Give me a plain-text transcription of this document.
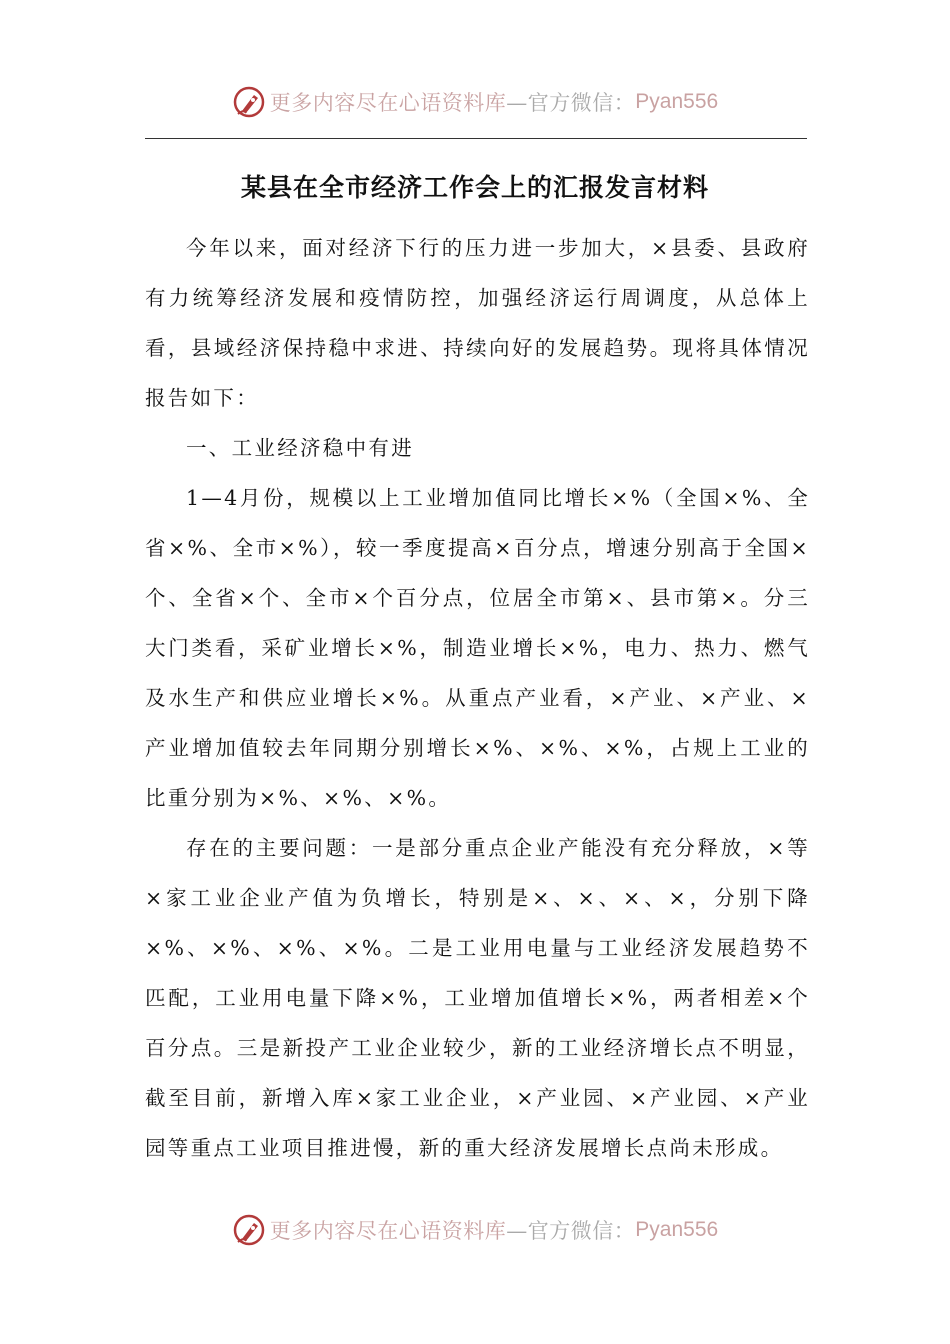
更多内容尽在心语资料库 —官方微信： Pyan556
某县在全市经济工作会上的汇报发言材料

今年以来，面对经济下行的压力进一步加大，×县委、县政府有力统筹经济发展和疫情防控，加强经济运行周调度，从总体上看，县域经济保持稳中求进、持续向好的发展趋势。现将具体情况报告如下：

一、工业经济稳中有进

1—4月份，规模以上工业增加值同比增长×%（全国×%、全省×%、全市×%），较一季度提高×百分点，增速分别高于全国×个、全省×个、全市×个百分点，位居全市第×、县市第×。分三大门类看，采矿业增长×%，制造业增长×%，电力、热力、燃气及水生产和供应业增长×%。从重点产业看，×产业、×产业、×产业增加值较去年同期分别增长×%、×%、×%，占规上工业的比重分别为×%、×%、×%。

存在的主要问题：一是部分重点企业产能没有充分释放，×等×家工业企业产值为负增长，特别是×、×、×、×，分别下降×%、×%、×%、×%。二是工业用电量与工业经济发展趋势不匹配，工业用电量下降×%，工业增加值增长×%，两者相差×个百分点。三是新投产工业企业较少，新的工业经济增长点不明显，截至目前，新增入库×家工业企业，×产业园、×产业园、×产业园等重点工业项目推进慢，新的重大经济发展增长点尚未形成。

更多内容尽在心语资料库 —官方微信： Pyan556
